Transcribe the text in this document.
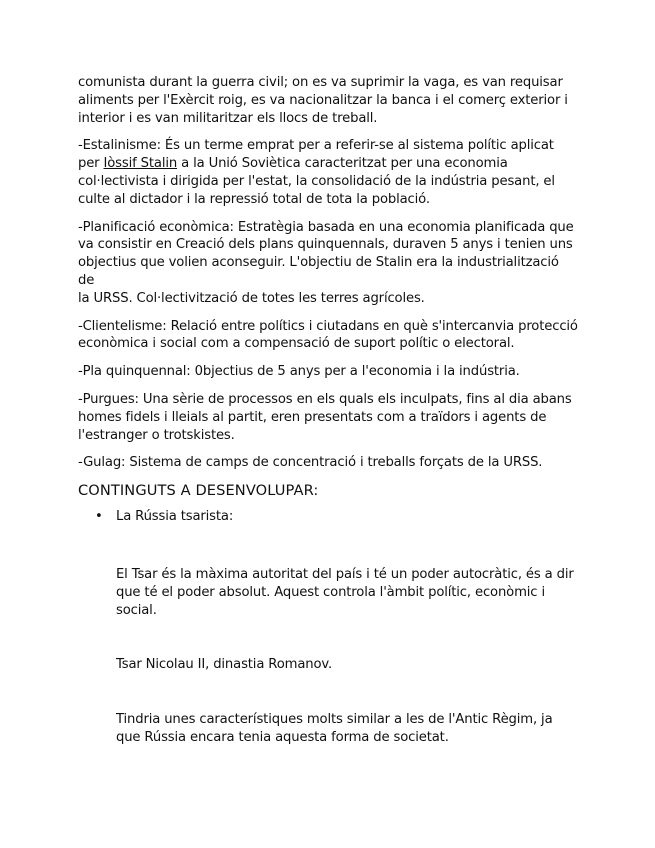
comunista durant la guerra civil; on es va suprimir la vaga, es van requisar
aliments per l'Exèrcit roig, es va nacionalitzar la banca i el comerç exterior i
interior i es van militaritzar els llocs de treball.

-Estalinisme: És un terme emprat per a referir-se al sistema polític aplicat
per Iòssif Stalin a la Unió Soviètica caracteritzat per una economia
col·lectivista i dirigida per l'estat, la consolidació de la indústria pesant, el
culte al dictador i la repressió total de tota la població.

-Planificació econòmica: Estratègia basada en una economia planificada que
va consistir en Creació dels plans quinquennals, duraven 5 anys i tenien uns
objectius que volien aconseguir. L'objectiu de Stalin era la industrialització de
la URSS. Col·lectivització de totes les terres agrícoles.

-Clientelisme: Relació entre polítics i ciutadans en què s'intercanvia protecció
econòmica i social com a compensació de suport polític o electoral.

-Pla quinquennal: 0bjectius de 5 anys per a l'economia i la indústria.

-Purgues: Una sèrie de processos en els quals els inculpats, fins al dia abans
homes fidels i lleials al partit, eren presentats com a traïdors i agents de
l'estranger o trotskistes.

-Gulag: Sistema de camps de concentració i treballs forçats de la URSS.

CONTINGUTS A DESENVOLUPAR:
• La Rússia tsarista:
El Tsar és la màxima autoritat del país i té un poder autocràtic, és a dir
que té el poder absolut. Aquest controla l'àmbit polític, econòmic i
social.
Tsar Nicolau II, dinastia Romanov.
Tindria unes característiques molts similar a les de l'Antic Règim, ja
que Rússia encara tenia aquesta forma de societat.
